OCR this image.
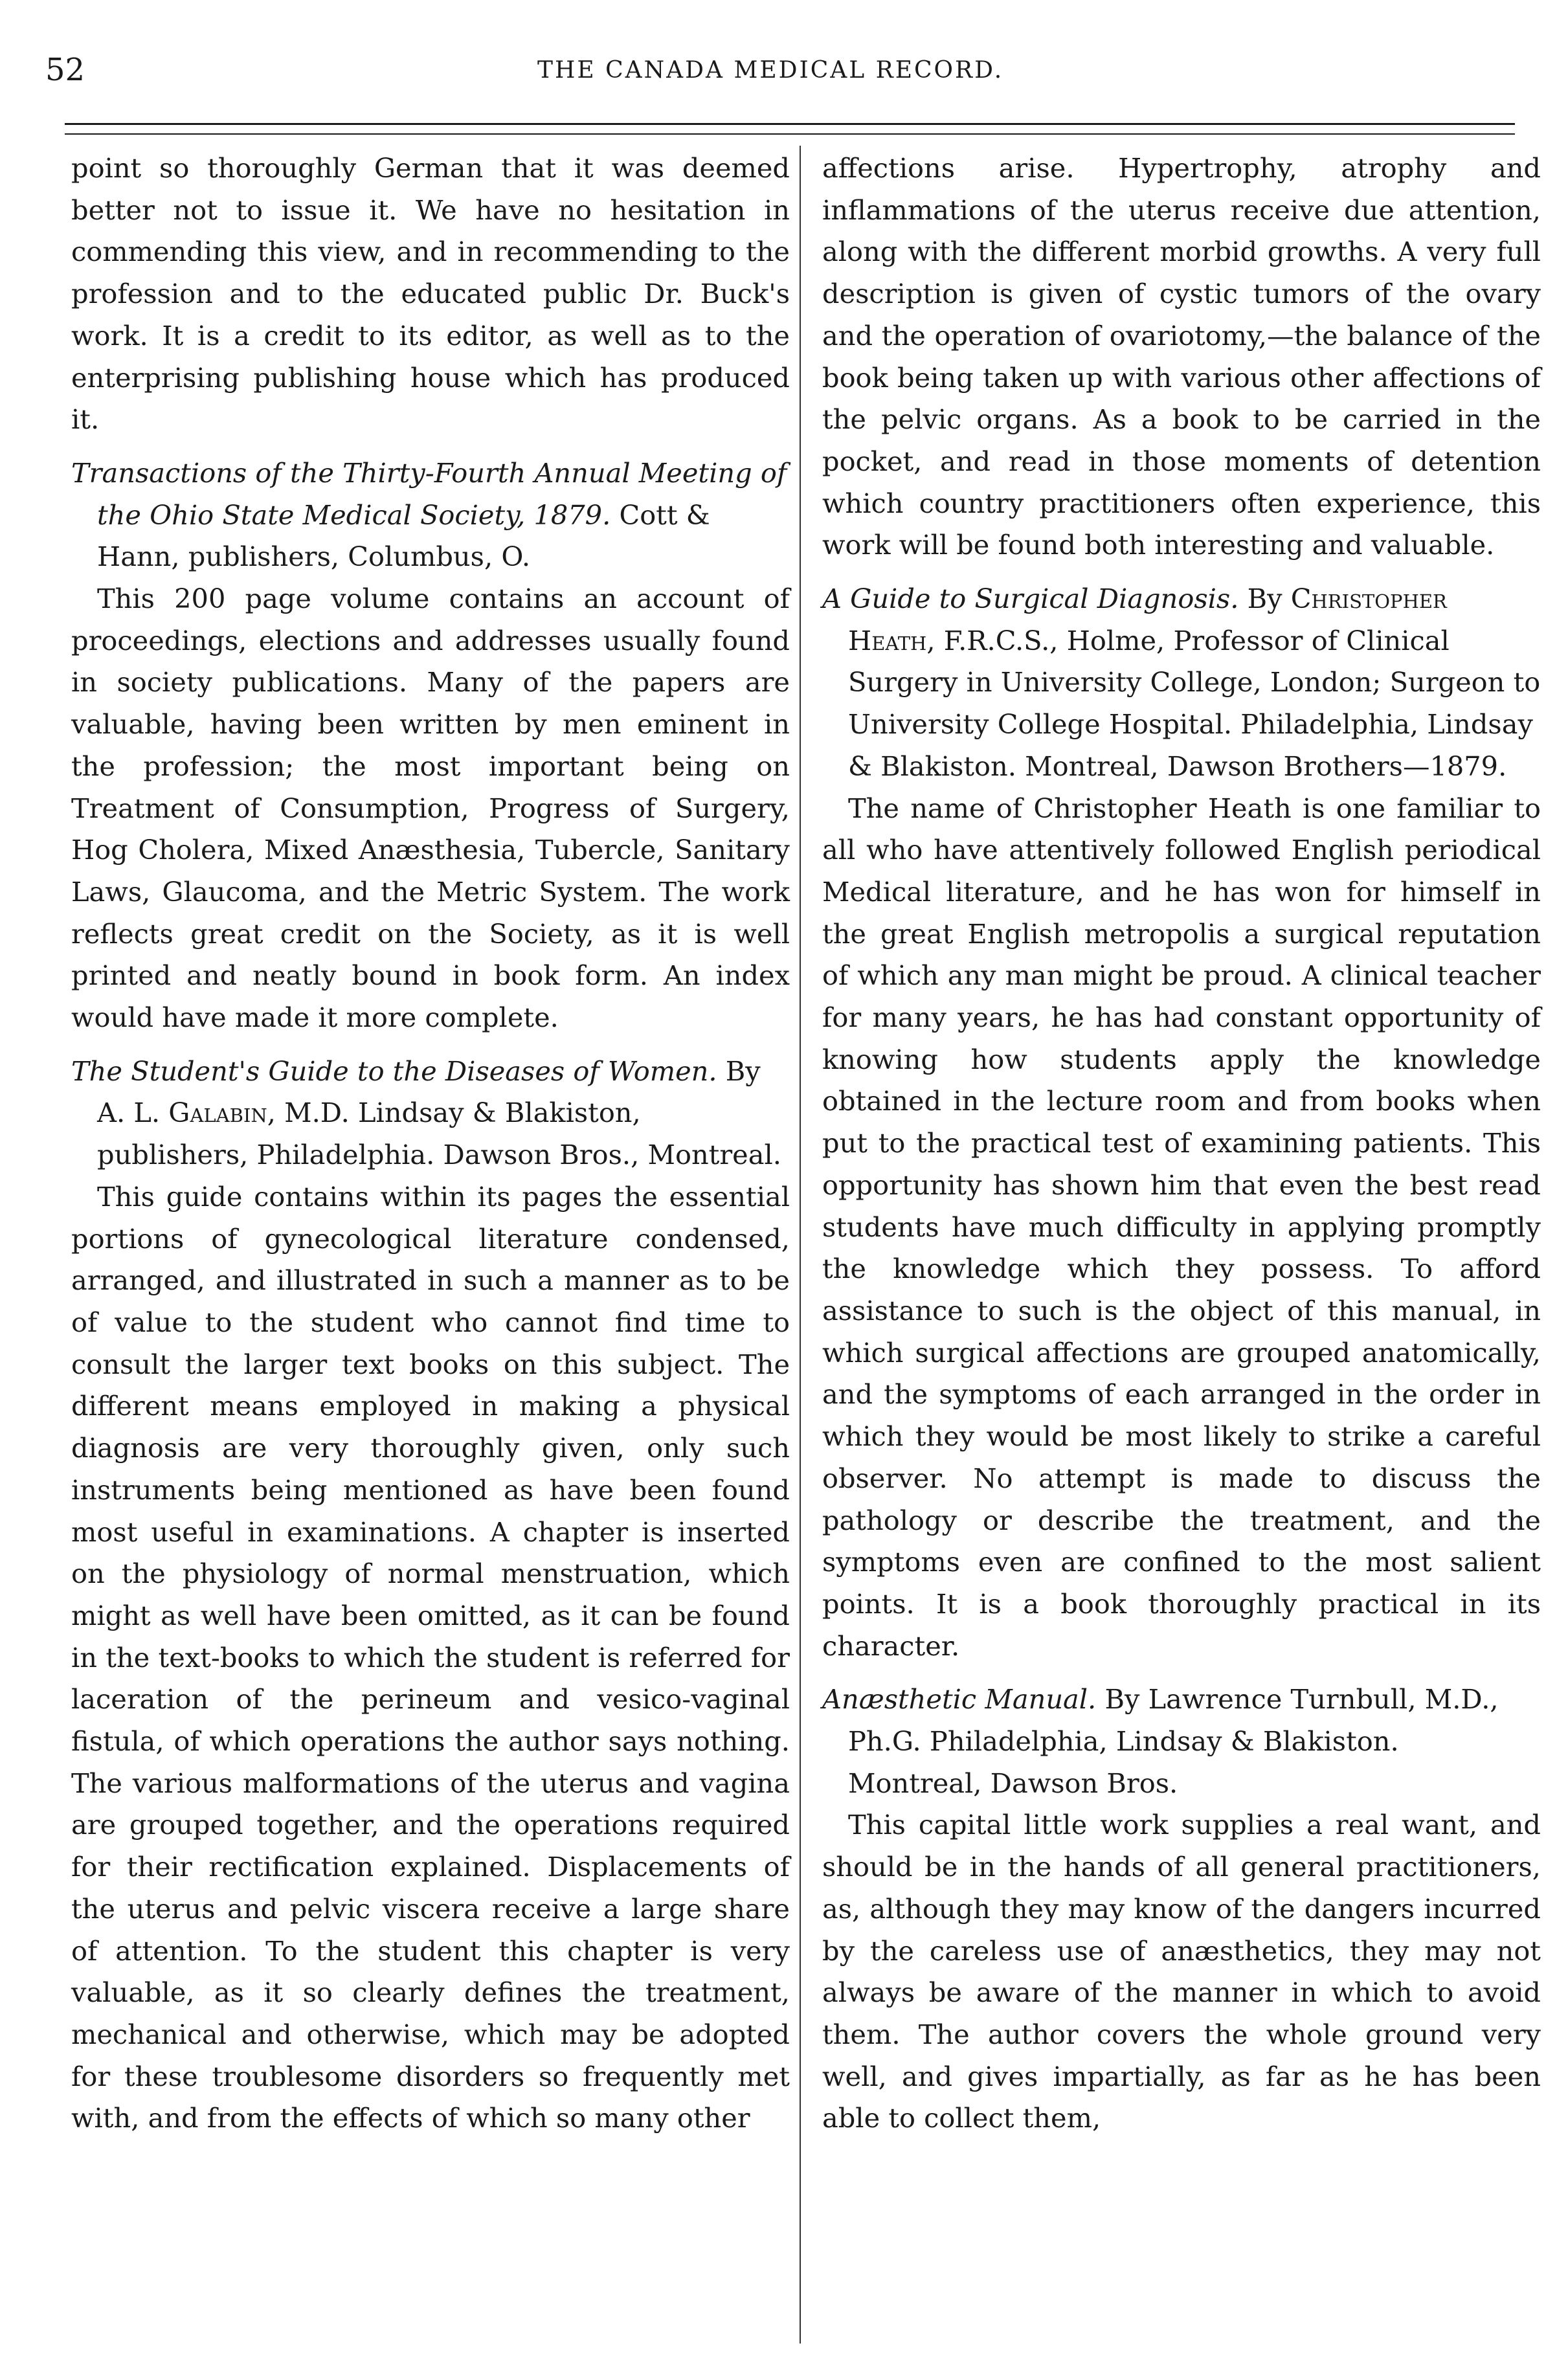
52	THE CANADA MEDICAL RECORD.

point so thoroughly German that it was deemed better not to issue it. We have no hesitation in commending this view, and in recommending to the profession and to the educated public Dr. Buck's work. It is a credit to its editor, as well as to the enterprising publishing house which has produced it.

Transactions of the Thirty-Fourth Annual Meeting of the Ohio State Medical Society, 1879. Cott & Hann, publishers, Columbus, O.

This 200 page volume contains an account of proceedings, elections and addresses usually found in society publications. Many of the papers are valuable, having been written by men eminent in the profession; the most important being on Treatment of Consumption, Progress of Surgery, Hog Cholera, Mixed Anæsthesia, Tubercle, Sanitary Laws, Glaucoma, and the Metric System. The work reflects great credit on the Society, as it is well printed and neatly bound in book form. An index would have made it more complete.

The Student's Guide to the Diseases of Women. By A. L. Galabin, M.D. Lindsay & Blakiston, publishers, Philadelphia. Dawson Bros., Montreal.

This guide contains within its pages the essential portions of gynecological literature condensed, arranged, and illustrated in such a manner as to be of value to the student who cannot find time to consult the larger text books on this subject. The different means employed in making a physical diagnosis are very thoroughly given, only such instruments being mentioned as have been found most useful in examinations. A chapter is inserted on the physiology of normal menstruation, which might as well have been omitted, as it can be found in the text-books to which the student is referred for laceration of the perineum and vesico-vaginal fistula, of which operations the author says nothing. The various malformations of the uterus and vagina are grouped together, and the operations required for their rectification explained. Displacements of the uterus and pelvic viscera receive a large share of attention. To the student this chapter is very valuable, as it so clearly defines the treatment, mechanical and otherwise, which may be adopted for these troublesome disorders so frequently met with, and from the effects of which so many other

affections arise. Hypertrophy, atrophy and inflammations of the uterus receive due attention, along with the different morbid growths. A very full description is given of cystic tumors of the ovary and the operation of ovariotomy,—the balance of the book being taken up with various other affections of the pelvic organs. As a book to be carried in the pocket, and read in those moments of detention which country practitioners often experience, this work will be found both interesting and valuable.

A Guide to Surgical Diagnosis. By Christopher Heath, F.R.C.S., Holme, Professor of Clinical Surgery in University College, London; Surgeon to University College Hospital. Philadelphia, Lindsay & Blakiston. Montreal, Dawson Brothers—1879.

The name of Christopher Heath is one familiar to all who have attentively followed English periodical Medical literature, and he has won for himself in the great English metropolis a surgical reputation of which any man might be proud. A clinical teacher for many years, he has had constant opportunity of knowing how students apply the knowledge obtained in the lecture room and from books when put to the practical test of examining patients. This opportunity has shown him that even the best read students have much difficulty in applying promptly the knowledge which they possess. To afford assistance to such is the object of this manual, in which surgical affections are grouped anatomically, and the symptoms of each arranged in the order in which they would be most likely to strike a careful observer. No attempt is made to discuss the pathology or describe the treatment, and the symptoms even are confined to the most salient points. It is a book thoroughly practical in its character.

Anæsthetic Manual. By Lawrence Turnbull, M.D., Ph.G. Philadelphia, Lindsay & Blakiston. Montreal, Dawson Bros.

This capital little work supplies a real want, and should be in the hands of all general practitioners, as, although they may know of the dangers incurred by the careless use of anæsthetics, they may not always be aware of the manner in which to avoid them. The author covers the whole ground very well, and gives impartially, as far as he has been able to collect them,
